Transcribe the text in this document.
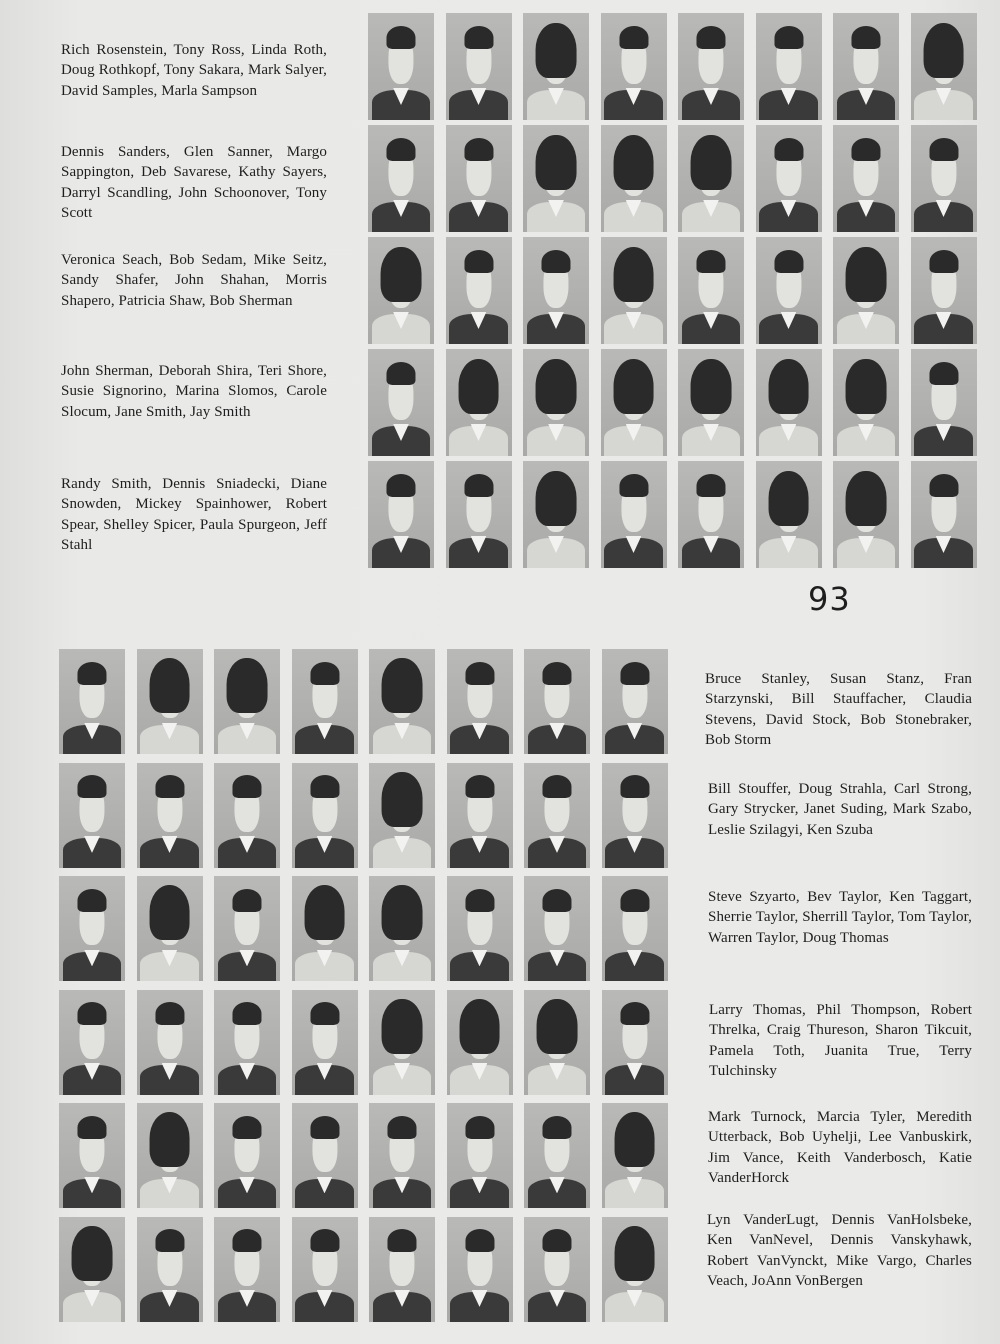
Rich Rosenstein, Tony Ross, Linda Roth, Doug Rothkopf, Tony Sakara, Mark Salyer, David Samples, Marla Sampson
Dennis Sanders, Glen Sanner, Margo Sappington, Deb Savarese, Kathy Sayers, Darryl Scandling, John Schoonover, Tony Scott
Veronica Seach, Bob Sedam, Mike Seitz, Sandy Shafer, John Shahan, Morris Shapero, Patricia Shaw, Bob Sherman
John Sherman, Deborah Shira, Teri Shore, Susie Signorino, Marina Slomos, Carole Slocum, Jane Smith, Jay Smith
Randy Smith, Dennis Sniadecki, Diane Snowden, Mickey Spainhower, Robert Spear, Shelley Spicer, Paula Spurgeon, Jeff Stahl
93
Bruce Stanley, Susan Stanz, Fran Starzynski, Bill Stauffacher, Claudia Stevens, David Stock, Bob Stonebraker, Bob Storm
Bill Stouffer, Doug Strahla, Carl Strong, Gary Strycker, Janet Suding, Mark Szabo, Leslie Szilagyi, Ken Szuba
Steve Szyarto, Bev Taylor, Ken Taggart, Sherrie Taylor, Sherrill Taylor, Tom Taylor, Warren Taylor, Doug Thomas
Larry Thomas, Phil Thompson, Robert Threlka, Craig Thureson, Sharon Tikcuit, Pamela Toth, Juanita True, Terry Tulchinsky
Mark Turnock, Marcia Tyler, Meredith Utterback, Bob Uyhelji, Lee Vanbuskirk, Jim Vance, Keith Vanderbosch, Katie VanderHorck
Lyn VanderLugt, Dennis VanHolsbeke, Ken VanNevel, Dennis Vanskyhawk, Robert VanVynckt, Mike Vargo, Charles Veach, JoAnn VonBergen
